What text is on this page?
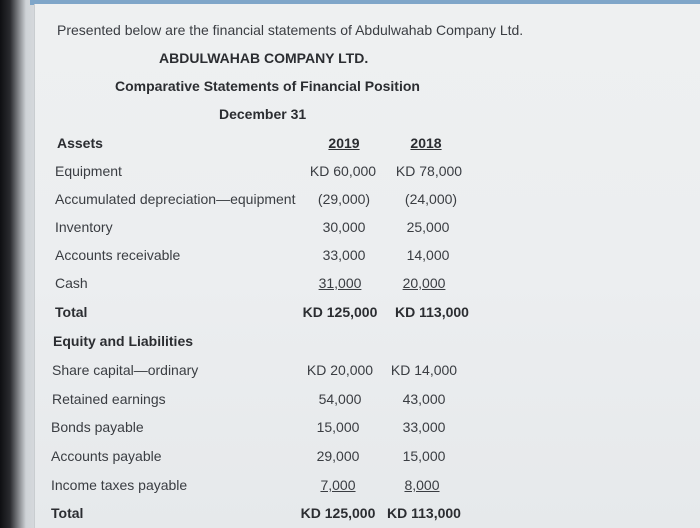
Presented below are the financial statements of Abdulwahab Company Ltd.
ABDULWAHAB COMPANY LTD.
Comparative Statements of Financial Position
December 31
Assets	2019	2018
Equipment	KD 60,000	KD 78,000
Accumulated depreciation—equipment	(29,000)	(24,000)
Inventory	30,000	25,000
Accounts receivable	33,000	14,000
Cash	31,000	20,000
Total	KD 125,000	KD 113,000
Equity and Liabilities
Share capital—ordinary	KD 20,000	KD 14,000
Retained earnings	54,000	43,000
Bonds payable	15,000	33,000
Accounts payable	29,000	15,000
Income taxes payable	7,000	8,000
Total	KD 125,000 KD 113,000
